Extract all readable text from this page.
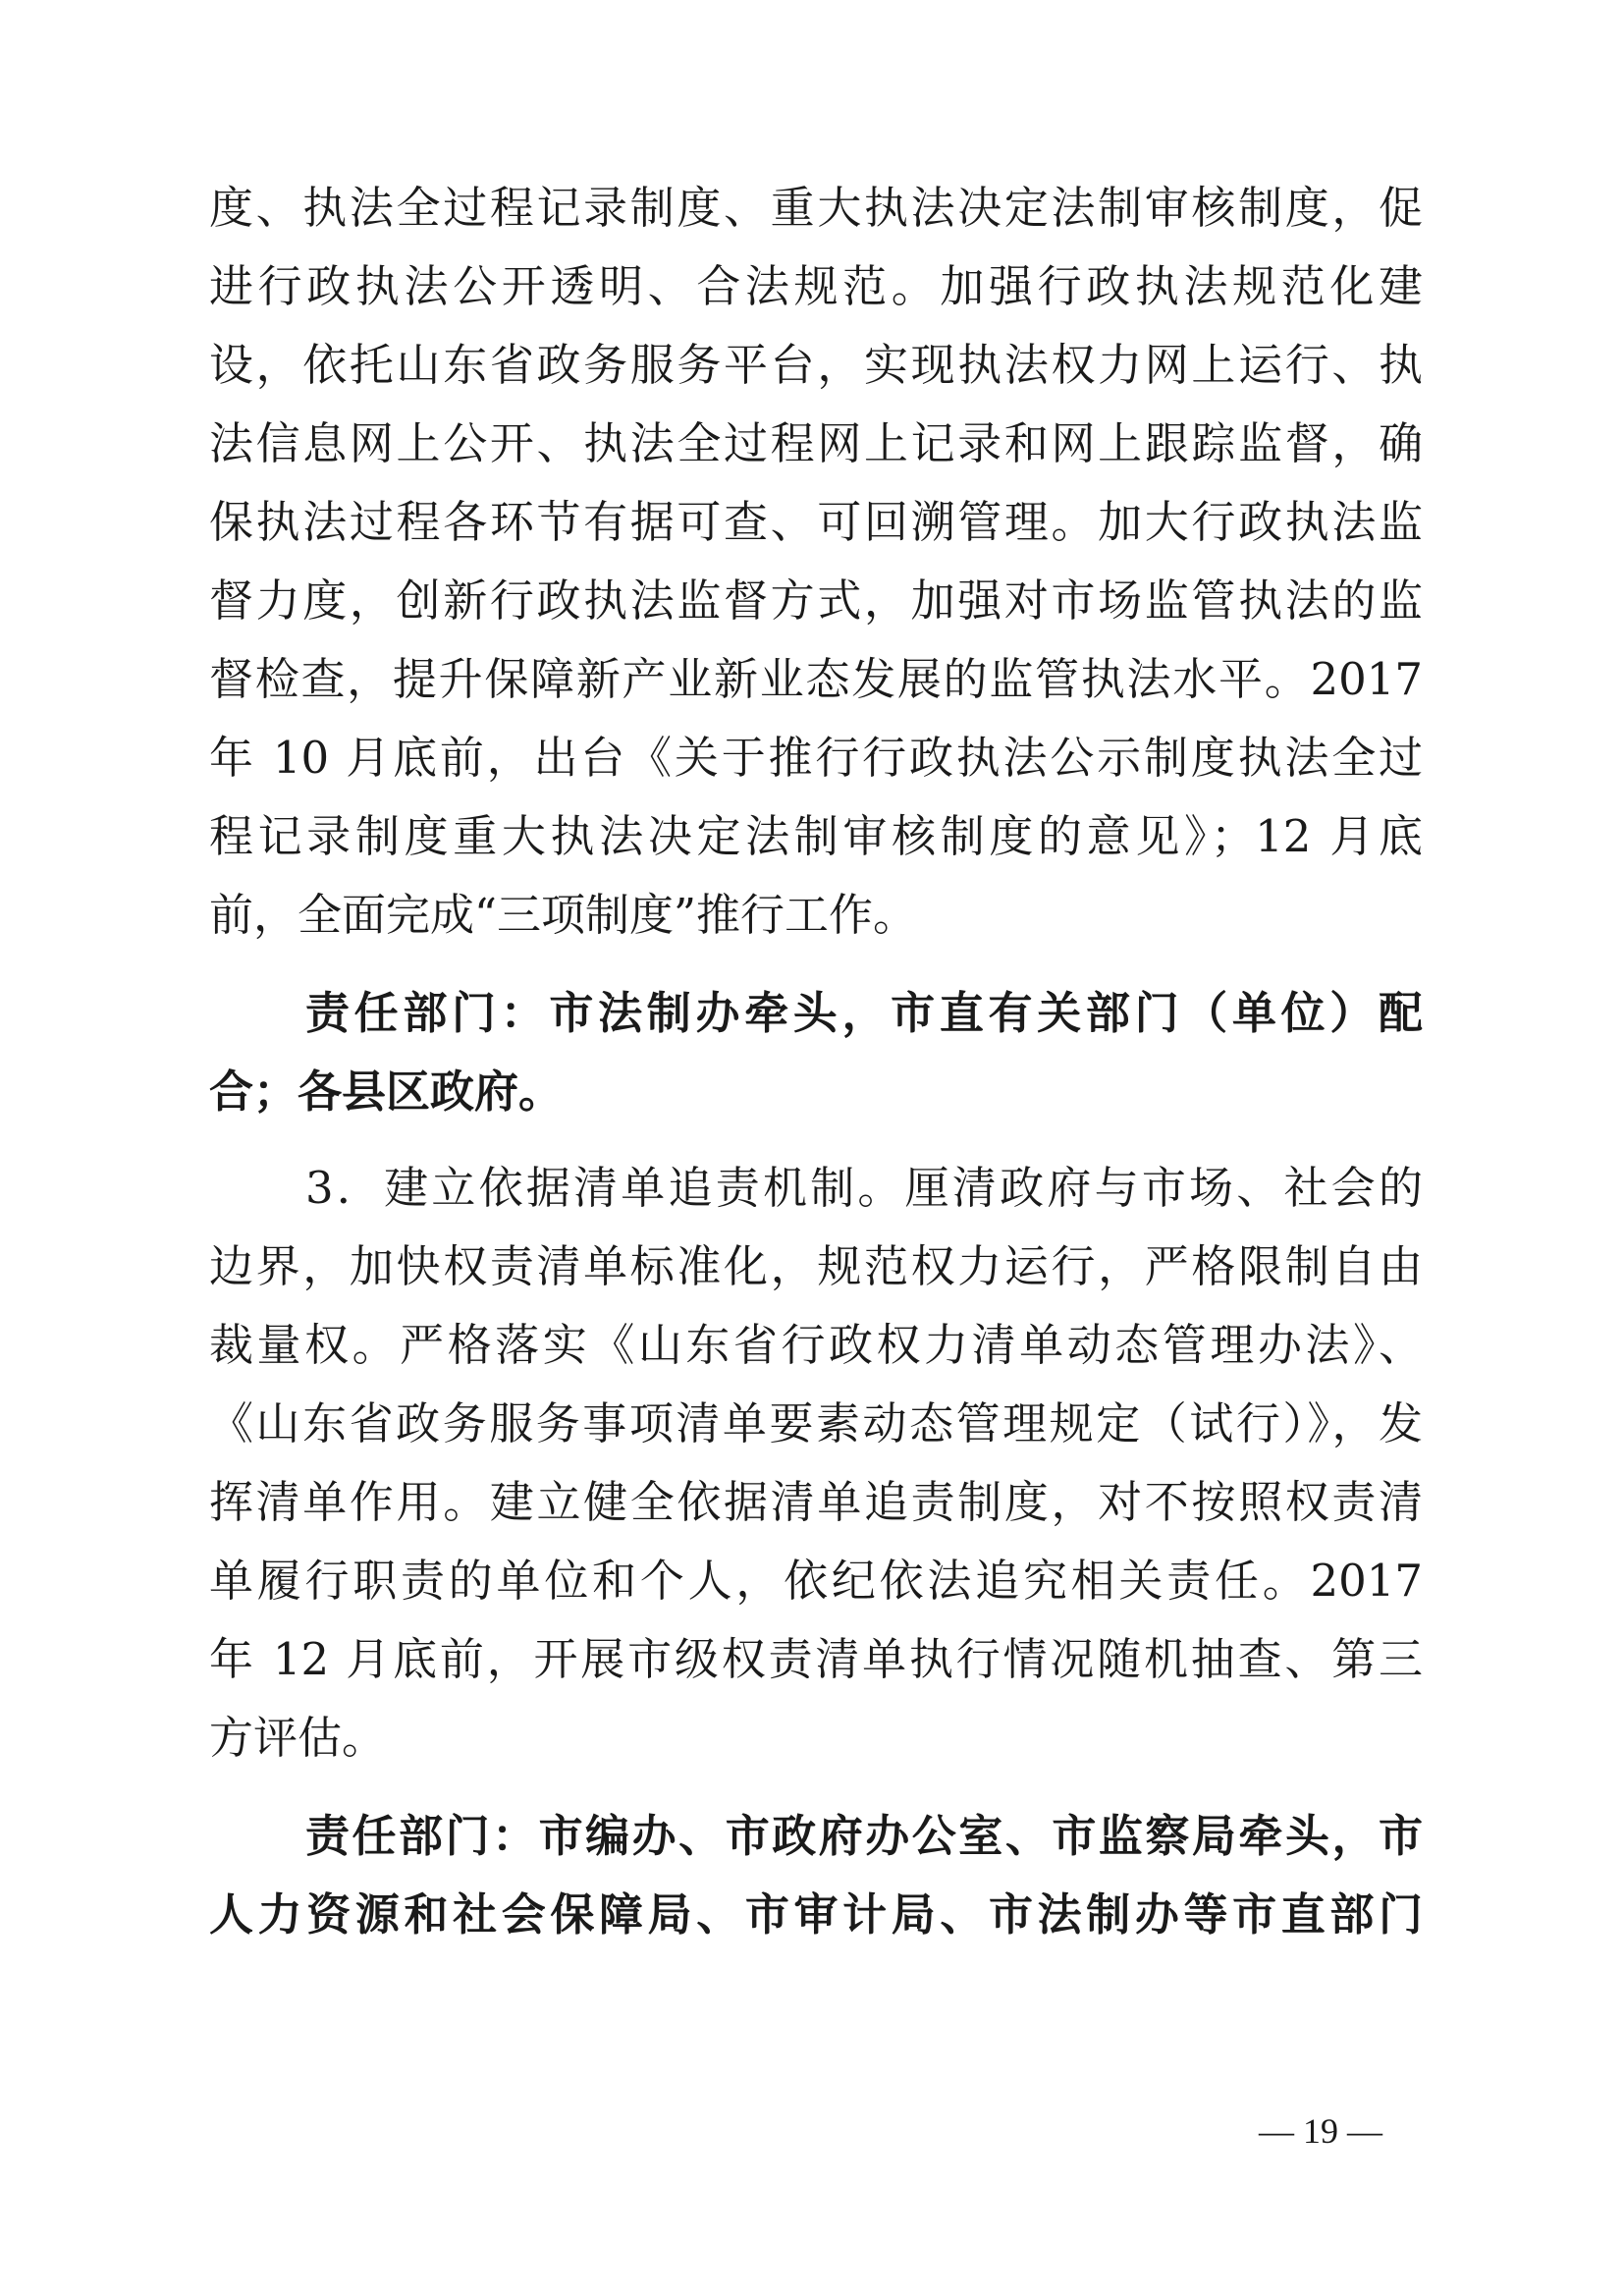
度、执法全过程记录制度、重大执法决定法制审核制度，促
进行政执法公开透明、合法规范。加强行政执法规范化建
设，依托山东省政务服务平台，实现执法权力网上运行、执
法信息网上公开、执法全过程网上记录和网上跟踪监督，确
保执法过程各环节有据可查、可回溯管理。加大行政执法监
督力度，创新行政执法监督方式，加强对市场监管执法的监
督检查，提升保障新产业新业态发展的监管执法水平。2017
年 10 月底前，出台《关于推行行政执法公示制度执法全过
程记录制度重大执法决定法制审核制度的意见》；12 月底
前，全面完成“三项制度”推行工作。
责任部门：市法制办牵头，市直有关部门（单位）配
合；各县区政府。
3．建立依据清单追责机制。厘清政府与市场、社会的
边界，加快权责清单标准化，规范权力运行，严格限制自由
裁量权。严格落实《山东省行政权力清单动态管理办法》、
《山东省政务服务事项清单要素动态管理规定（试行）》，发
挥清单作用。建立健全依据清单追责制度，对不按照权责清
单履行职责的单位和个人，依纪依法追究相关责任。2017
年 12 月底前，开展市级权责清单执行情况随机抽查、第三
方评估。
责任部门：市编办、市政府办公室、市监察局牵头，市
人力资源和社会保障局、市审计局、市法制办等市直部门
— 19 —
